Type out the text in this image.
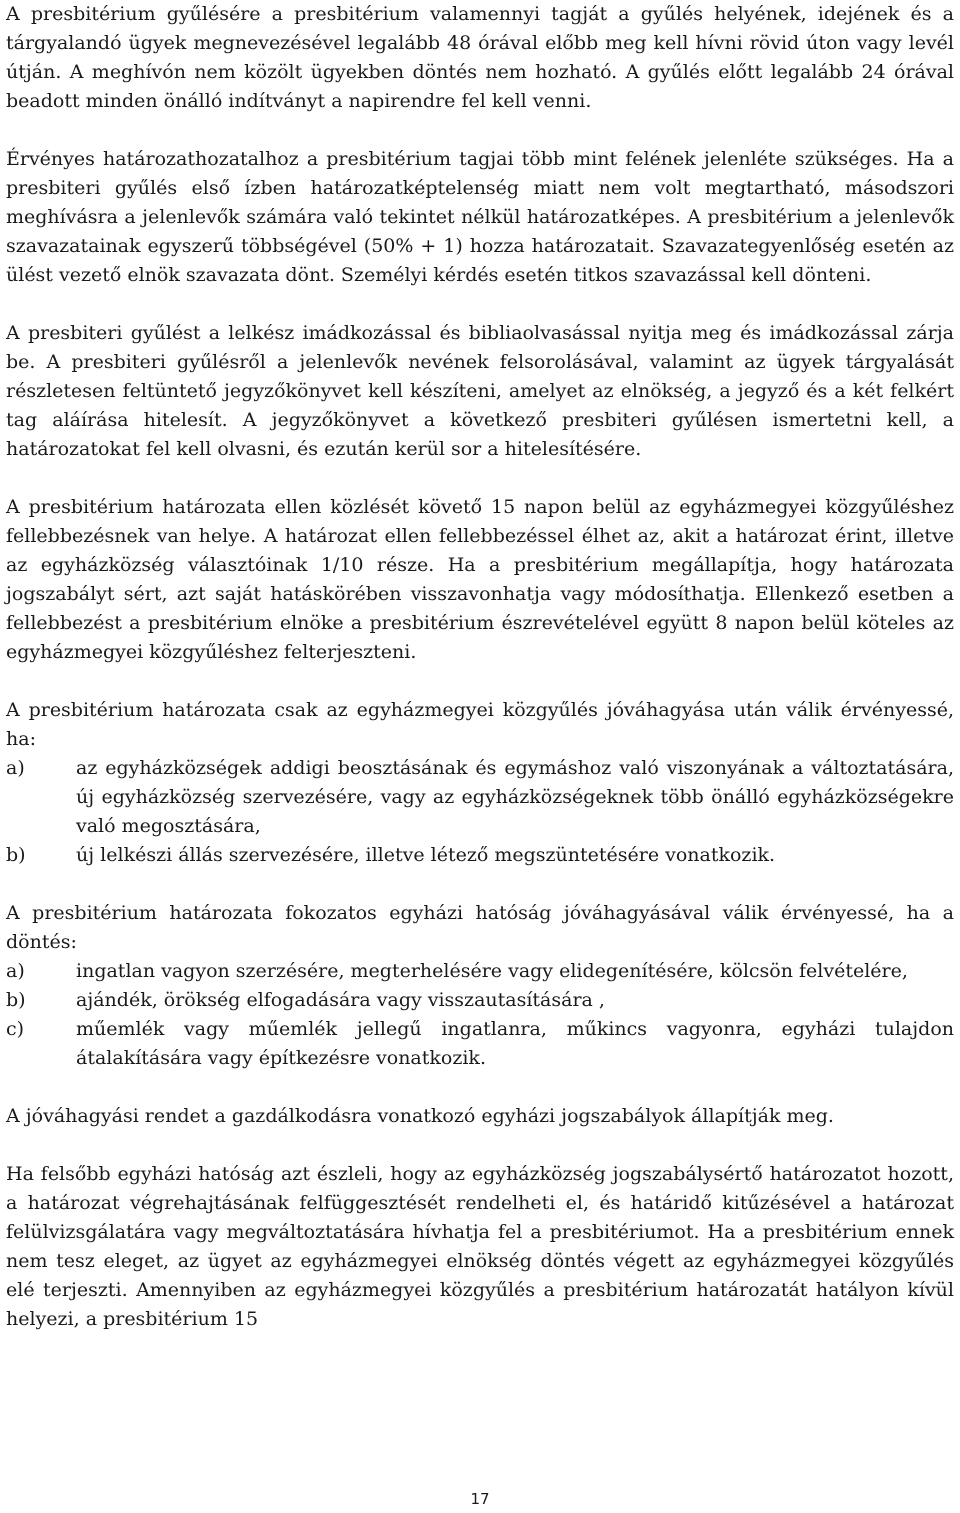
A presbitérium gyűlésére a presbitérium valamennyi tagját a gyűlés helyének, idejének és a tárgyalandó ügyek megnevezésével legalább 48 órával előbb meg kell hívni rövid úton vagy levél útján. A meghívón nem közölt ügyekben döntés nem hozható. A gyűlés előtt legalább 24 órával beadott minden önálló indítványt a napirendre fel kell venni.

Érvényes határozathozatalhoz a presbitérium tagjai több mint felének jelenléte szükséges. Ha a presbiteri gyűlés első ízben határozatképtelenség miatt nem volt megtartható, másodszori meghívásra a jelenlevők számára való tekintet nélkül határozatképes. A presbitérium a jelenlevők szavazatainak egyszerű többségével (50% + 1) hozza határozatait. Szavazategyenlőség esetén az ülést vezető elnök szavazata dönt. Személyi kérdés esetén titkos szavazással kell dönteni.

A presbiteri gyűlést a lelkész imádkozással és bibliaolvasással nyitja meg és imádkozással zárja be. A presbiteri gyűlésről a jelenlevők nevének felsorolásával, valamint az ügyek tárgyalását részletesen feltüntető jegyzőkönyvet kell készíteni, amelyet az elnökség, a jegyző és a két felkért tag aláírása hitelesít. A jegyzőkönyvet a következő presbiteri gyűlésen ismertetni kell, a határozatokat fel kell olvasni, és ezután kerül sor a hitelesítésére.

A presbitérium határozata ellen közlését követő 15 napon belül az egyházmegyei közgyűléshez fellebbezésnek van helye. A határozat ellen fellebbezéssel élhet az, akit a határozat érint, illetve az egyházközség választóinak 1/10 része. Ha a presbitérium megállapítja, hogy határozata jogszabályt sért, azt saját hatáskörében visszavonhatja vagy módosíthatja. Ellenkező esetben a fellebbezést a presbitérium elnöke a presbitérium észrevételével együtt 8 napon belül köteles az egyházmegyei közgyűléshez felterjeszteni.

A presbitérium határozata csak az egyházmegyei közgyűlés jóváhagyása után válik érvényessé, ha:

a)	az egyházközségek addigi beosztásának és egymáshoz való viszonyának a változtatására, új egyházközség szervezésére, vagy az egyházközségeknek több önálló egyházközségekre való megosztására,
b)	új lelkészi állás szervezésére, illetve létező megszüntetésére vonatkozik.

A presbitérium határozata fokozatos egyházi hatóság jóváhagyásával válik érvényessé, ha a döntés:

a)	ingatlan vagyon szerzésére, megterhelésére vagy elidegenítésére, kölcsön felvételére,
b)	ajándék, örökség elfogadására vagy visszautasítására ,
c)	műemlék vagy műemlék jellegű ingatlanra, műkincs vagyonra, egyházi tulajdon átalakítására vagy építkezésre vonatkozik.

A jóváhagyási rendet a gazdálkodásra vonatkozó egyházi jogszabályok állapítják meg.

Ha felsőbb egyházi hatóság azt észleli, hogy az egyházközség jogszabálysértő határozatot hozott, a határozat végrehajtásának felfüggesztését rendelheti el, és határidő kitűzésével a határozat felülvizsgálatára vagy megváltoztatására hívhatja fel a presbitériumot. Ha a presbitérium ennek nem tesz eleget, az ügyet az egyházmegyei elnökség döntés végett az egyházmegyei közgyűlés elé terjeszti. Amennyiben az egyházmegyei közgyűlés a presbitérium határozatát hatályon kívül helyezi, a presbitérium 15

17
